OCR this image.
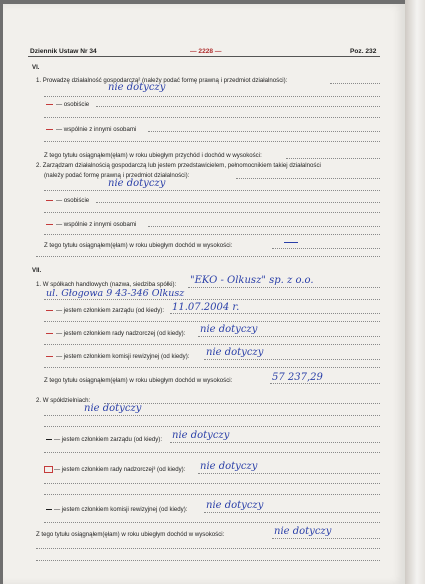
Dziennik Ustaw Nr 34	— 2228 —	Poz. 232
VI.
1. Prowadzę działalność gospodarczą² (należy podać formę prawną i przedmiot działalności):
nie dotyczy
— osobiście
— wspólnie z innymi osobami
Z tego tytułu osiągnąłem(ęłam) w roku ubiegłym przychód i dochód w wysokości:
2. Zarządzam działalnością gospodarczą lub jestem przedstawicielem, pełnomocnikiem takiej działalności
(należy podać formę prawną i przedmiot działalności):
nie dotyczy
— osobiście
— wspólnie z innymi osobami
Z tego tytułu osiągnąłem(ęłam) w roku ubiegłym dochód w wysokości:
VII.
1. W spółkach handlowych (nazwa, siedziba spółki): "EKO - Olkusz" sp. z o.o.
ul. Głogowa 9 43-346 Olkusz
— jestem członkiem zarządu (od kiedy): 11.07.2004 r.
— jestem członkiem rady nadzorczej (od kiedy): nie dotyczy
— jestem członkiem komisji rewizyjnej (od kiedy): nie dotyczy
Z tego tytułu osiągnąłem(ęłam) w roku ubiegłym dochód w wysokości:	57 237,29
2. W spółdzielniach:
nie dotyczy
— jestem członkiem zarządu (od kiedy): nie dotyczy
— jestem członkiem rady nadzorczej³ (od kiedy): nie dotyczy
— jestem członkiem komisji rewizyjnej (od kiedy): nie dotyczy
Z tego tytułu osiągnąłem(ęłam) w roku ubiegłym dochód w wysokości:	nie dotyczy
